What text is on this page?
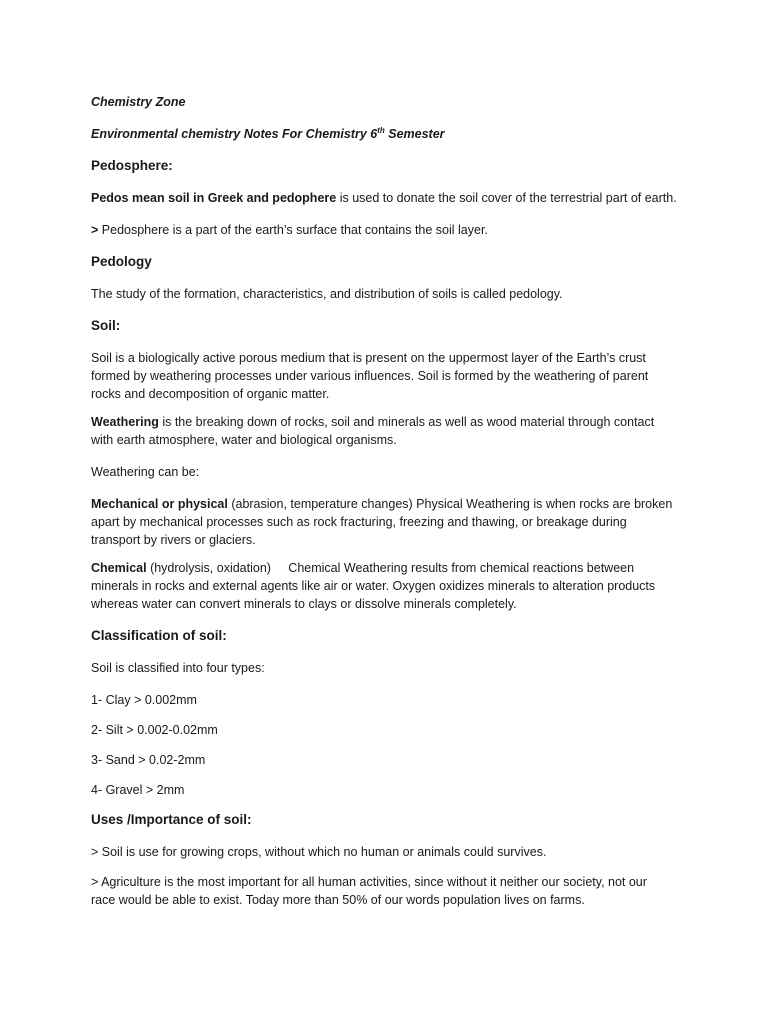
Chemistry Zone

Environmental chemistry Notes For Chemistry 6th Semester

Pedosphere:

Pedos mean soil in Greek and pedophere is used to donate the soil cover of the terrestrial part of earth.

> Pedosphere is a part of the earth’s surface that contains the soil layer.

Pedology

The study of the formation, characteristics, and distribution of soils is called pedology.

Soil:

Soil is a biologically active porous medium that is present on the uppermost layer of the Earth’s crust

formed by weathering processes under various influences. Soil is formed by the weathering of parent

rocks and decomposition of organic matter.

Weathering is the breaking down of rocks, soil and minerals as well as wood material through contact

with earth atmosphere, water and biological organisms.

Weathering can be:

Mechanical or physical (abrasion, temperature changes) Physical Weathering is when rocks are broken

apart by mechanical processes such as rock fracturing, freezing and thawing, or breakage during

transport by rivers or glaciers.

Chemical (hydrolysis, oxidation)     Chemical Weathering results from chemical reactions between

minerals in rocks and external agents like air or water. Oxygen oxidizes minerals to alteration products

whereas water can convert minerals to clays or dissolve minerals completely.

Classification of soil:

Soil is classified into four types:

1- Clay > 0.002mm

2- Silt > 0.002-0.02mm

3- Sand > 0.02-2mm

4- Gravel > 2mm

Uses /Importance of soil:

> Soil is use for growing crops, without which no human or animals could survives.

> Agriculture is the most important for all human activities, since without it neither our society, not our

race would be able to exist. Today more than 50% of our words population lives on farms.
